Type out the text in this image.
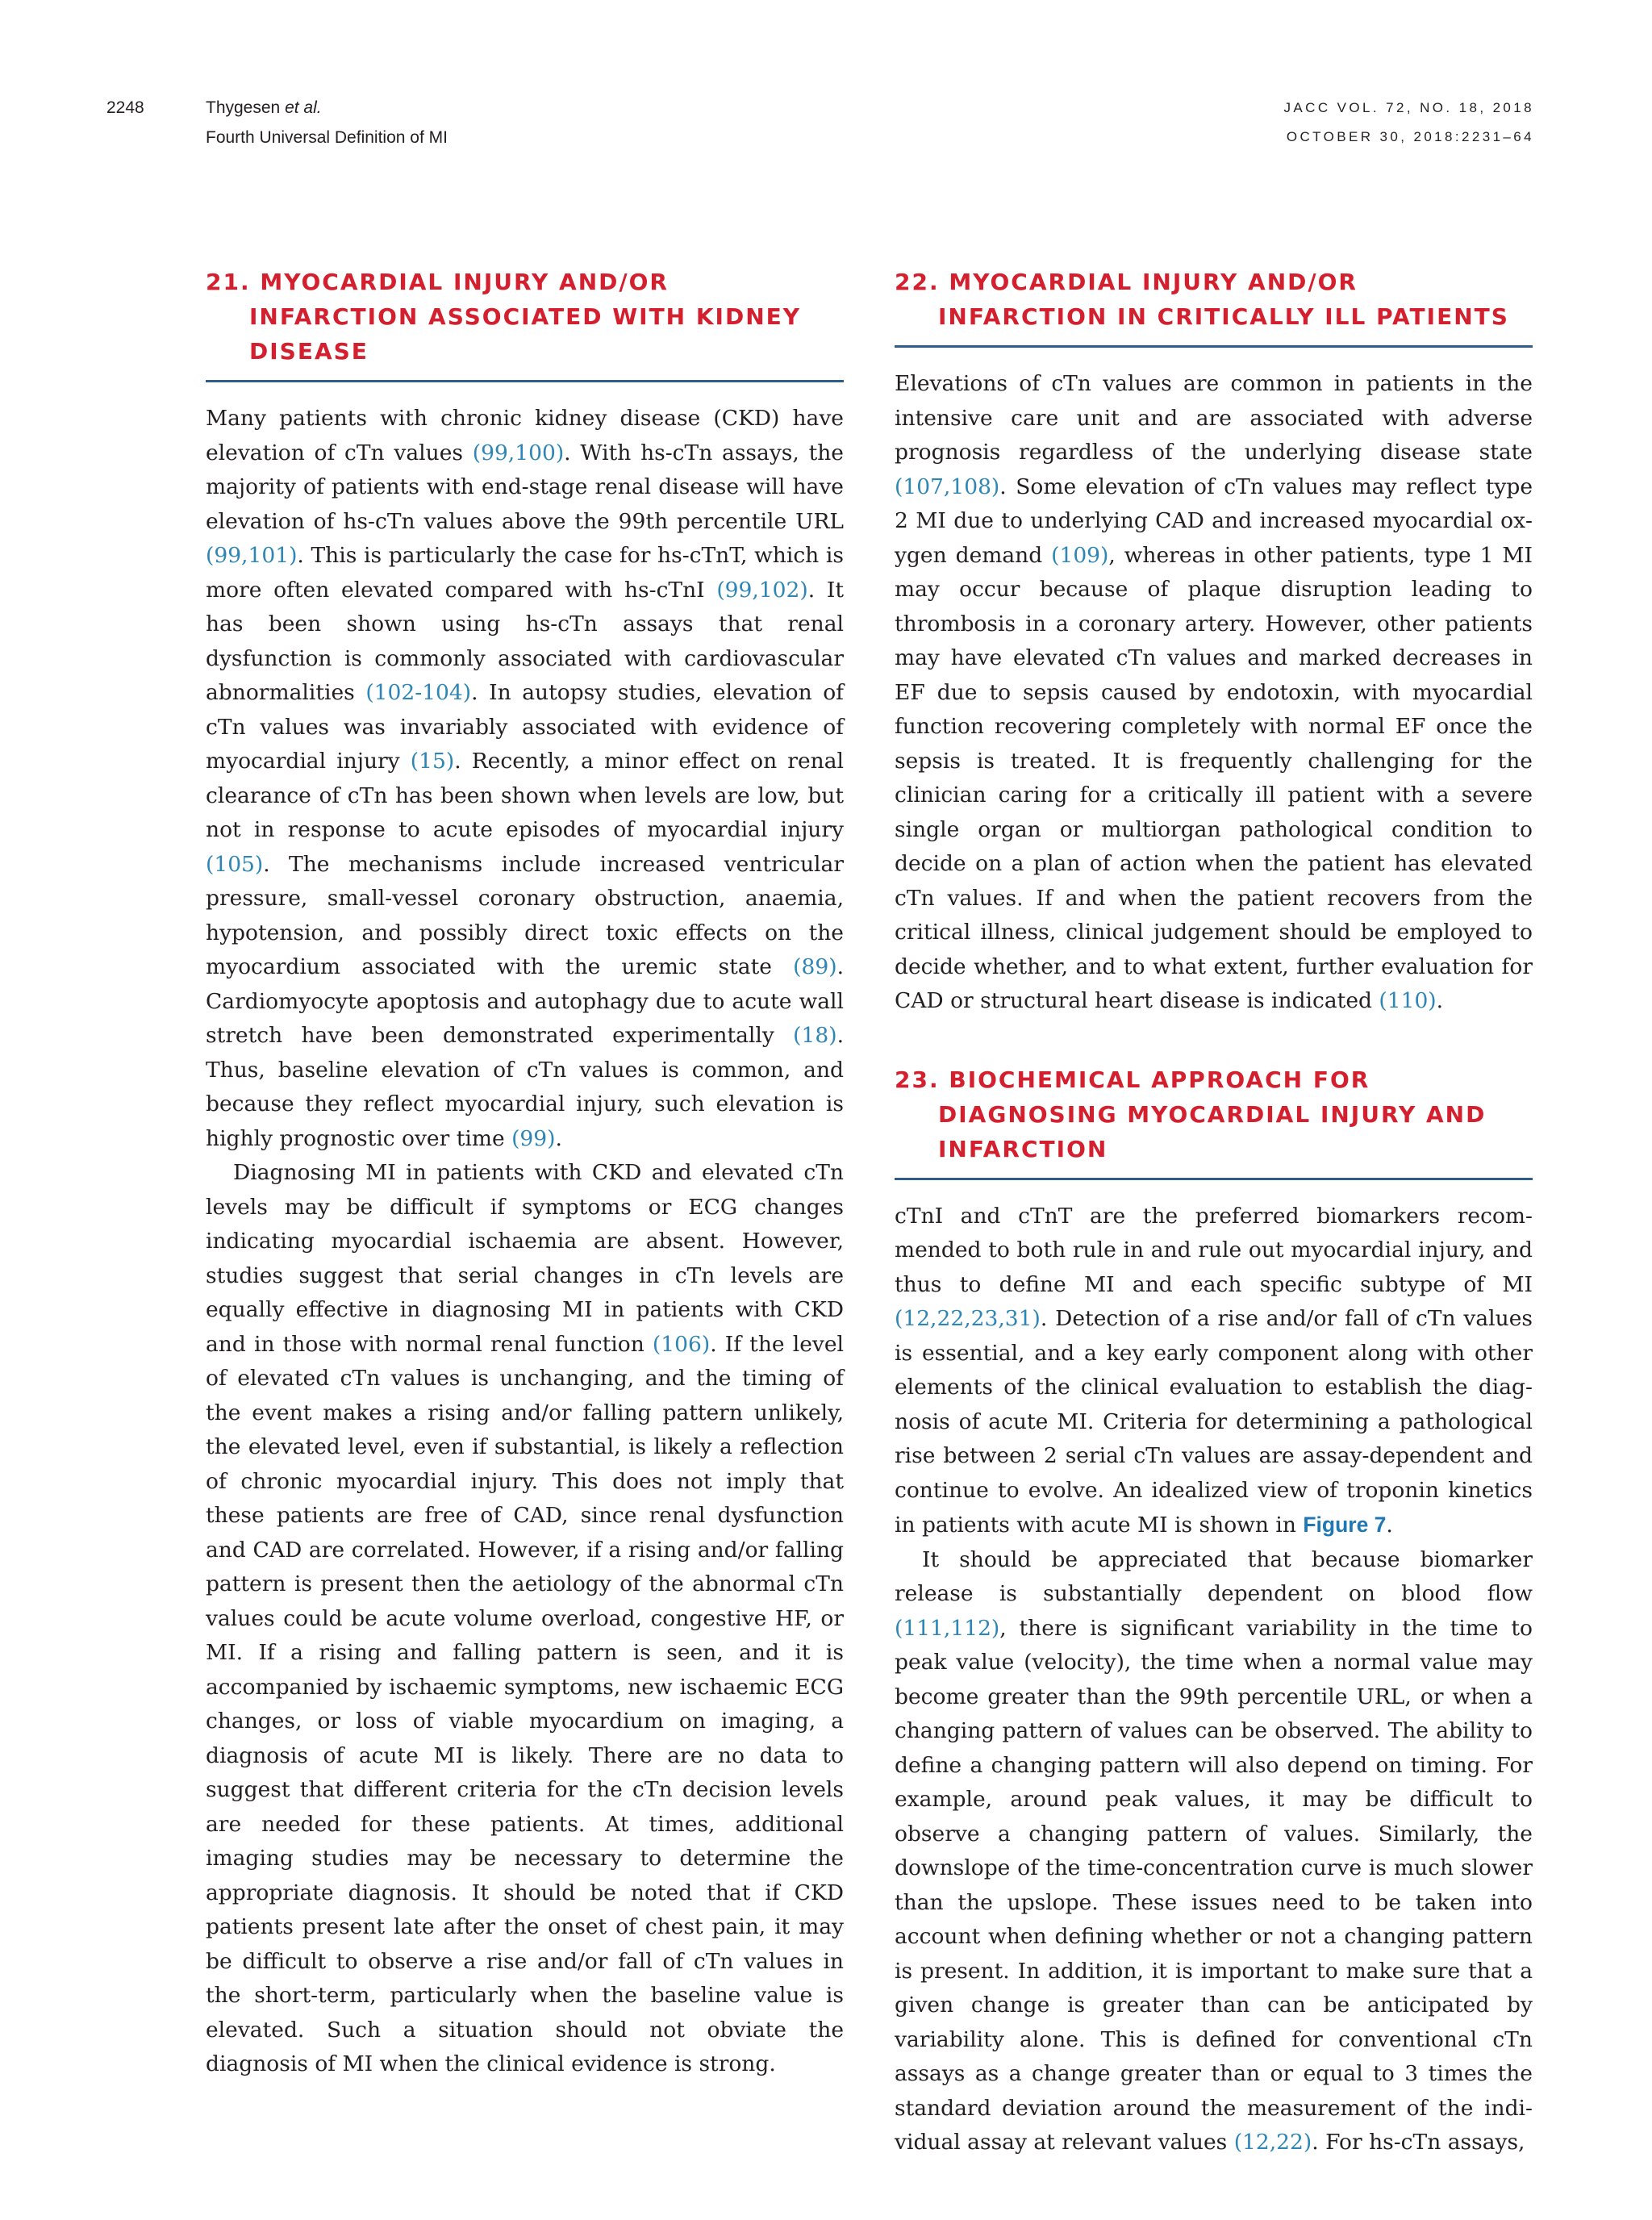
2248	Thygesen et al.
Fourth Universal Definition of MI
JACC VOL. 72, NO. 18, 2018
OCTOBER 30, 2018:2231–64
21. MYOCARDIAL INJURY AND/OR INFARCTION ASSOCIATED WITH KIDNEY DISEASE

Many patients with chronic kidney disease (CKD) have elevation of cTn values (99,100). With hs-cTn assays, the majority of patients with end-stage renal disease will have elevation of hs-cTn values above the 99th percentile URL (99,101). This is particularly the case for hs-cTnT, which is more often elevated compared with hs-cTnI (99,102). It has been shown using hs-cTn assays that renal dysfunction is commonly associated with cardiovascular abnormalities (102-104). In autopsy studies, elevation of cTn values was invariably associated with evidence of myocardial injury (15). Recently, a minor effect on renal clearance of cTn has been shown when levels are low, but not in response to acute episodes of myocardial injury (105). The mechanisms include increased ventricular pressure, small-vessel coronary obstruction, anaemia, hypotension, and possibly direct toxic effects on the myocardium associated with the uremic state (89). Cardiomyocyte apoptosis and autophagy due to acute wall stretch have been demonstrated experimentally (18). Thus, baseline elevation of cTn values is common, and because they reflect myocardial injury, such elevation is highly prognostic over time (99).

Diagnosing MI in patients with CKD and elevated cTn levels may be difficult if symptoms or ECG changes indicating myocardial ischaemia are absent. However, studies suggest that serial changes in cTn levels are equally effective in diagnosing MI in patients with CKD and in those with normal renal function (106). If the level of elevated cTn values is unchanging, and the timing of the event makes a rising and/or falling pattern unlikely, the elevated level, even if substantial, is likely a reflection of chronic myocardial injury. This does not imply that these patients are free of CAD, since renal dysfunction and CAD are correlated. However, if a rising and/or falling pattern is present then the aetiology of the abnormal cTn values could be acute volume overload, congestive HF, or MI. If a rising and falling pattern is seen, and it is accompanied by ischaemic symptoms, new ischaemic ECG changes, or loss of viable myocardium on imaging, a diagnosis of acute MI is likely. There are no data to suggest that different criteria for the cTn decision levels are needed for these patients. At times, additional imaging studies may be necessary to determine the appropriate diagnosis. It should be noted that if CKD patients present late after the onset of chest pain, it may be difficult to observe a rise and/or fall of cTn values in the short-term, particularly when the baseline value is elevated. Such a situation should not obviate the diagnosis of MI when the clinical evidence is strong.

22. MYOCARDIAL INJURY AND/OR INFARCTION IN CRITICALLY ILL PATIENTS

Elevations of cTn values are common in patients in the intensive care unit and are associated with adverse prognosis regardless of the underlying disease state (107,108). Some elevation of cTn values may reflect type 2 MI due to underlying CAD and increased myocardial oxygen demand (109), whereas in other patients, type 1 MI may occur because of plaque disruption leading to thrombosis in a coronary artery. However, other patients may have elevated cTn values and marked decreases in EF due to sepsis caused by endotoxin, with myocardial function recovering completely with normal EF once the sepsis is treated. It is frequently challenging for the clinician caring for a critically ill patient with a severe single organ or multiorgan pathological condition to decide on a plan of action when the patient has elevated cTn values. If and when the patient recovers from the critical illness, clinical judgement should be employed to decide whether, and to what extent, further evaluation for CAD or structural heart disease is indicated (110).

23. BIOCHEMICAL APPROACH FOR DIAGNOSING MYOCARDIAL INJURY AND INFARCTION

cTnI and cTnT are the preferred biomarkers recommended to both rule in and rule out myocardial injury, and thus to define MI and each specific subtype of MI (12,22,23,31). Detection of a rise and/or fall of cTn values is essential, and a key early component along with other elements of the clinical evaluation to establish the diagnosis of acute MI. Criteria for determining a pathological rise between 2 serial cTn values are assay-dependent and continue to evolve. An idealized view of troponin kinetics in patients with acute MI is shown in Figure 7.

It should be appreciated that because biomarker release is substantially dependent on blood flow (111,112), there is significant variability in the time to peak value (velocity), the time when a normal value may become greater than the 99th percentile URL, or when a changing pattern of values can be observed. The ability to define a changing pattern will also depend on timing. For example, around peak values, it may be difficult to observe a changing pattern of values. Similarly, the downslope of the time-concentration curve is much slower than the upslope. These issues need to be taken into account when defining whether or not a changing pattern is present. In addition, it is important to make sure that a given change is greater than can be anticipated by variability alone. This is defined for conventional cTn assays as a change greater than or equal to 3 times the standard deviation around the measurement of the individual assay at relevant values (12,22). For hs-cTn assays,
